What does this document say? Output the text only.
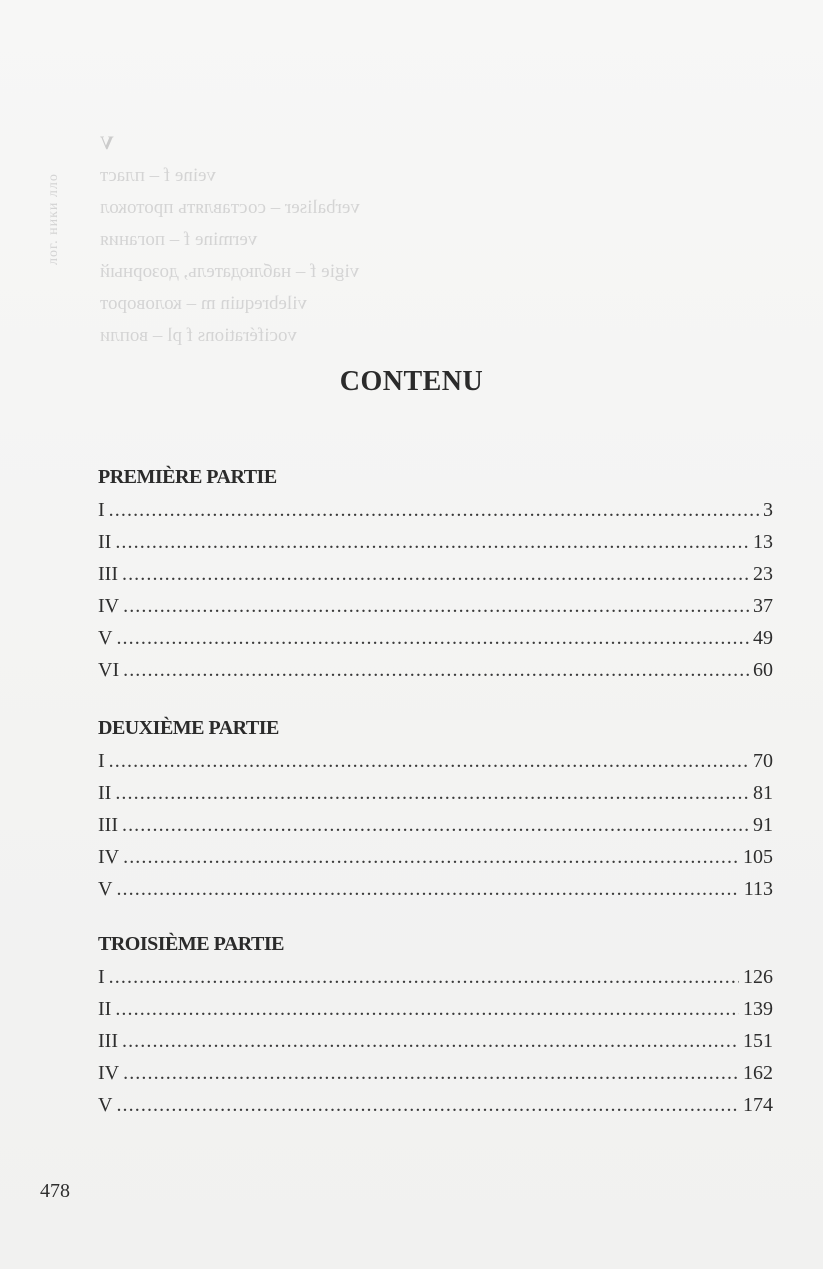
V
veine f – пласт
verbaliser – составлять протокол
vermine f – погания
vigie f – наблюдатель, дозорный
vilebrequin m – коловорот
vociférations f pl – вопли
лог. ники лло
CONTENU
PREMIÈRE PARTIE
I .....	3
II .....	13
III .....	23
IV .....	37
V .....	49
VI .....	60
DEUXIÈME PARTIE
I .....	70
II .....	81
III .....	91
IV .....	105
V .....	113
TROISIÈME PARTIE
I .....	126
II .....	139
III .....	151
IV .....	162
V .....	174
478
